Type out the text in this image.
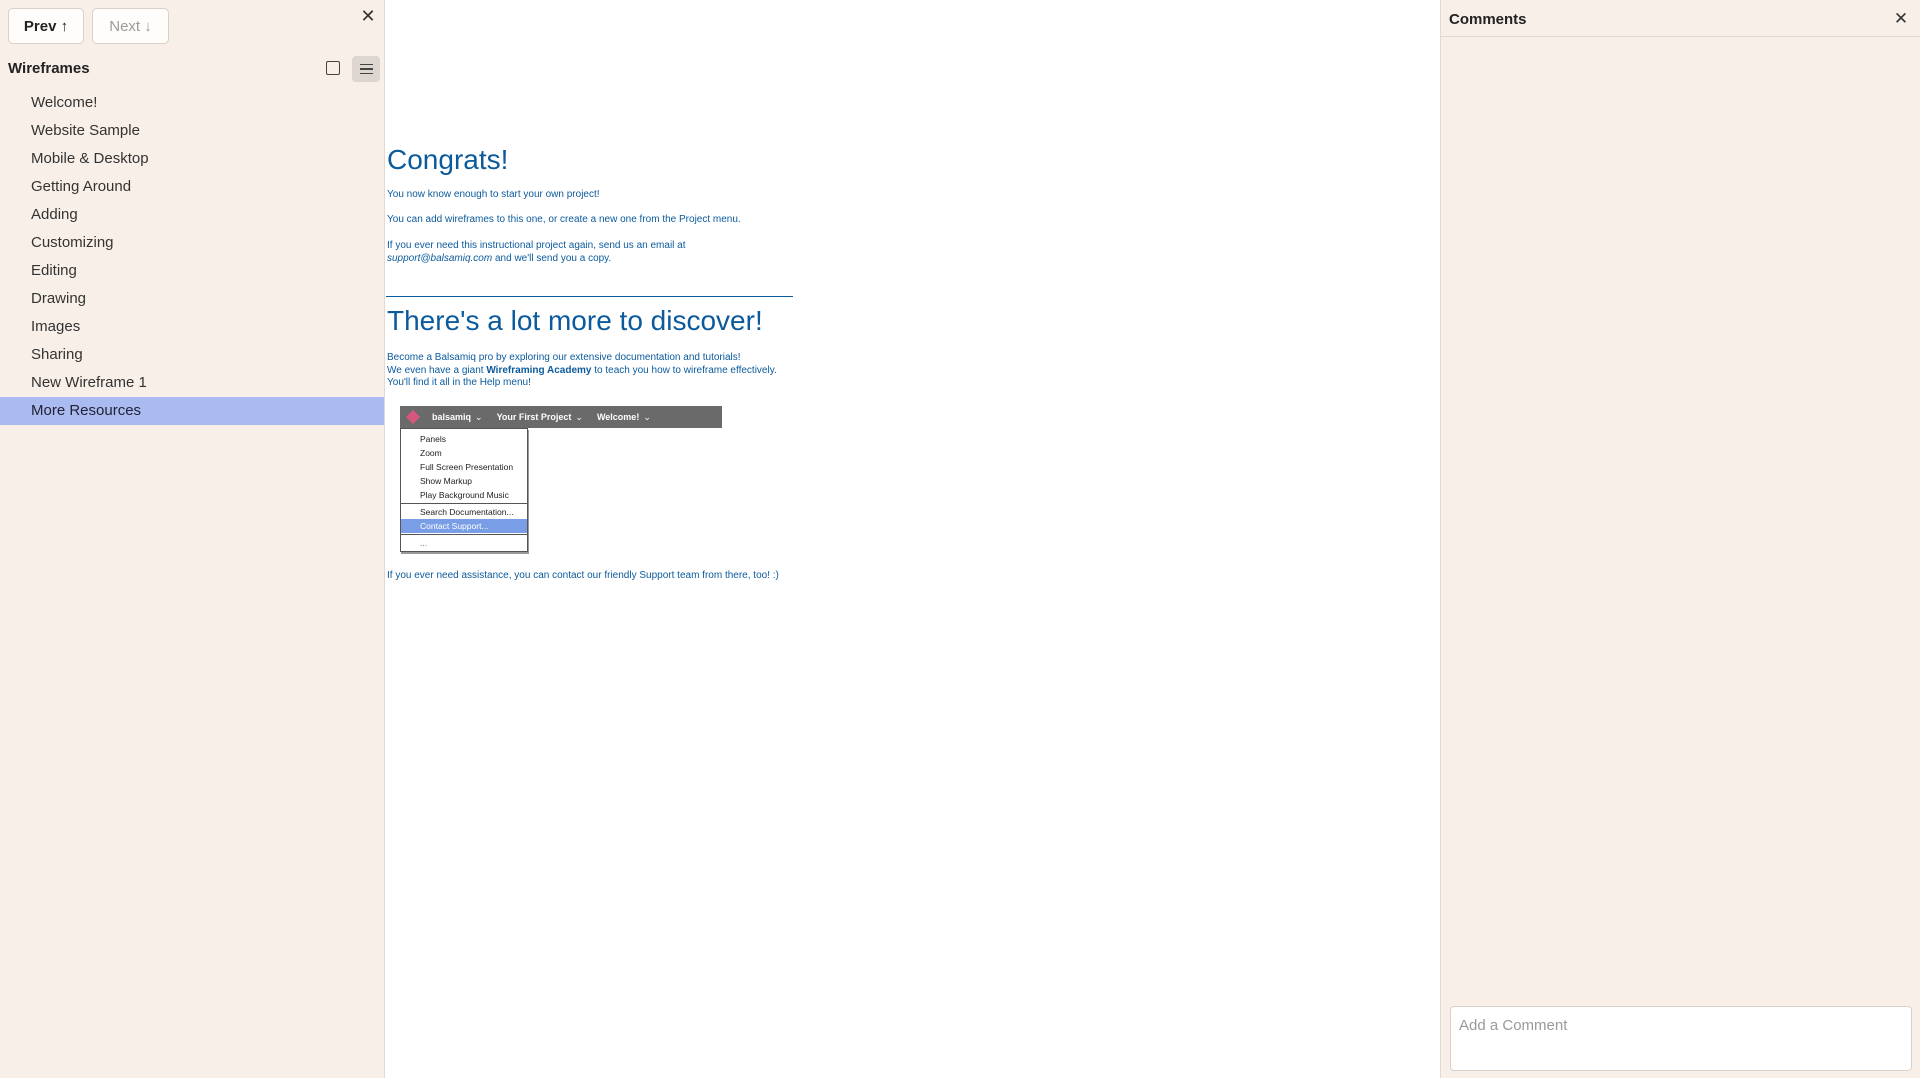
Prev ↑	Next ↓
✕
Wireframes
Welcome!
Website Sample
Mobile & Desktop
Getting Around
Adding
Customizing
Editing
Drawing
Images
Sharing
New Wireframe 1
More Resources
Congrats!
You now know enough to start your own project!
You can add wireframes to this one, or create a new one from the Project menu.
If you ever need this instructional project again, send us an email at
support@balsamiq.com and we'll send you a copy.
There's a lot more to discover!
Become a Balsamiq pro by exploring our extensive documentation and tutorials!
We even have a giant Wireframing Academy to teach you how to wireframe effectively.
You'll find it all in the Help menu!
balsamiq ⌄ Your First Project ⌄ Welcome! ⌄
Panels
Zoom
Full Screen Presentation
Show Markup
Play Background Music
Search Documentation...
Contact Support...
...
If you ever need assistance, you can contact our friendly Support team from there, too! :)
Comments	✕
Add a Comment
